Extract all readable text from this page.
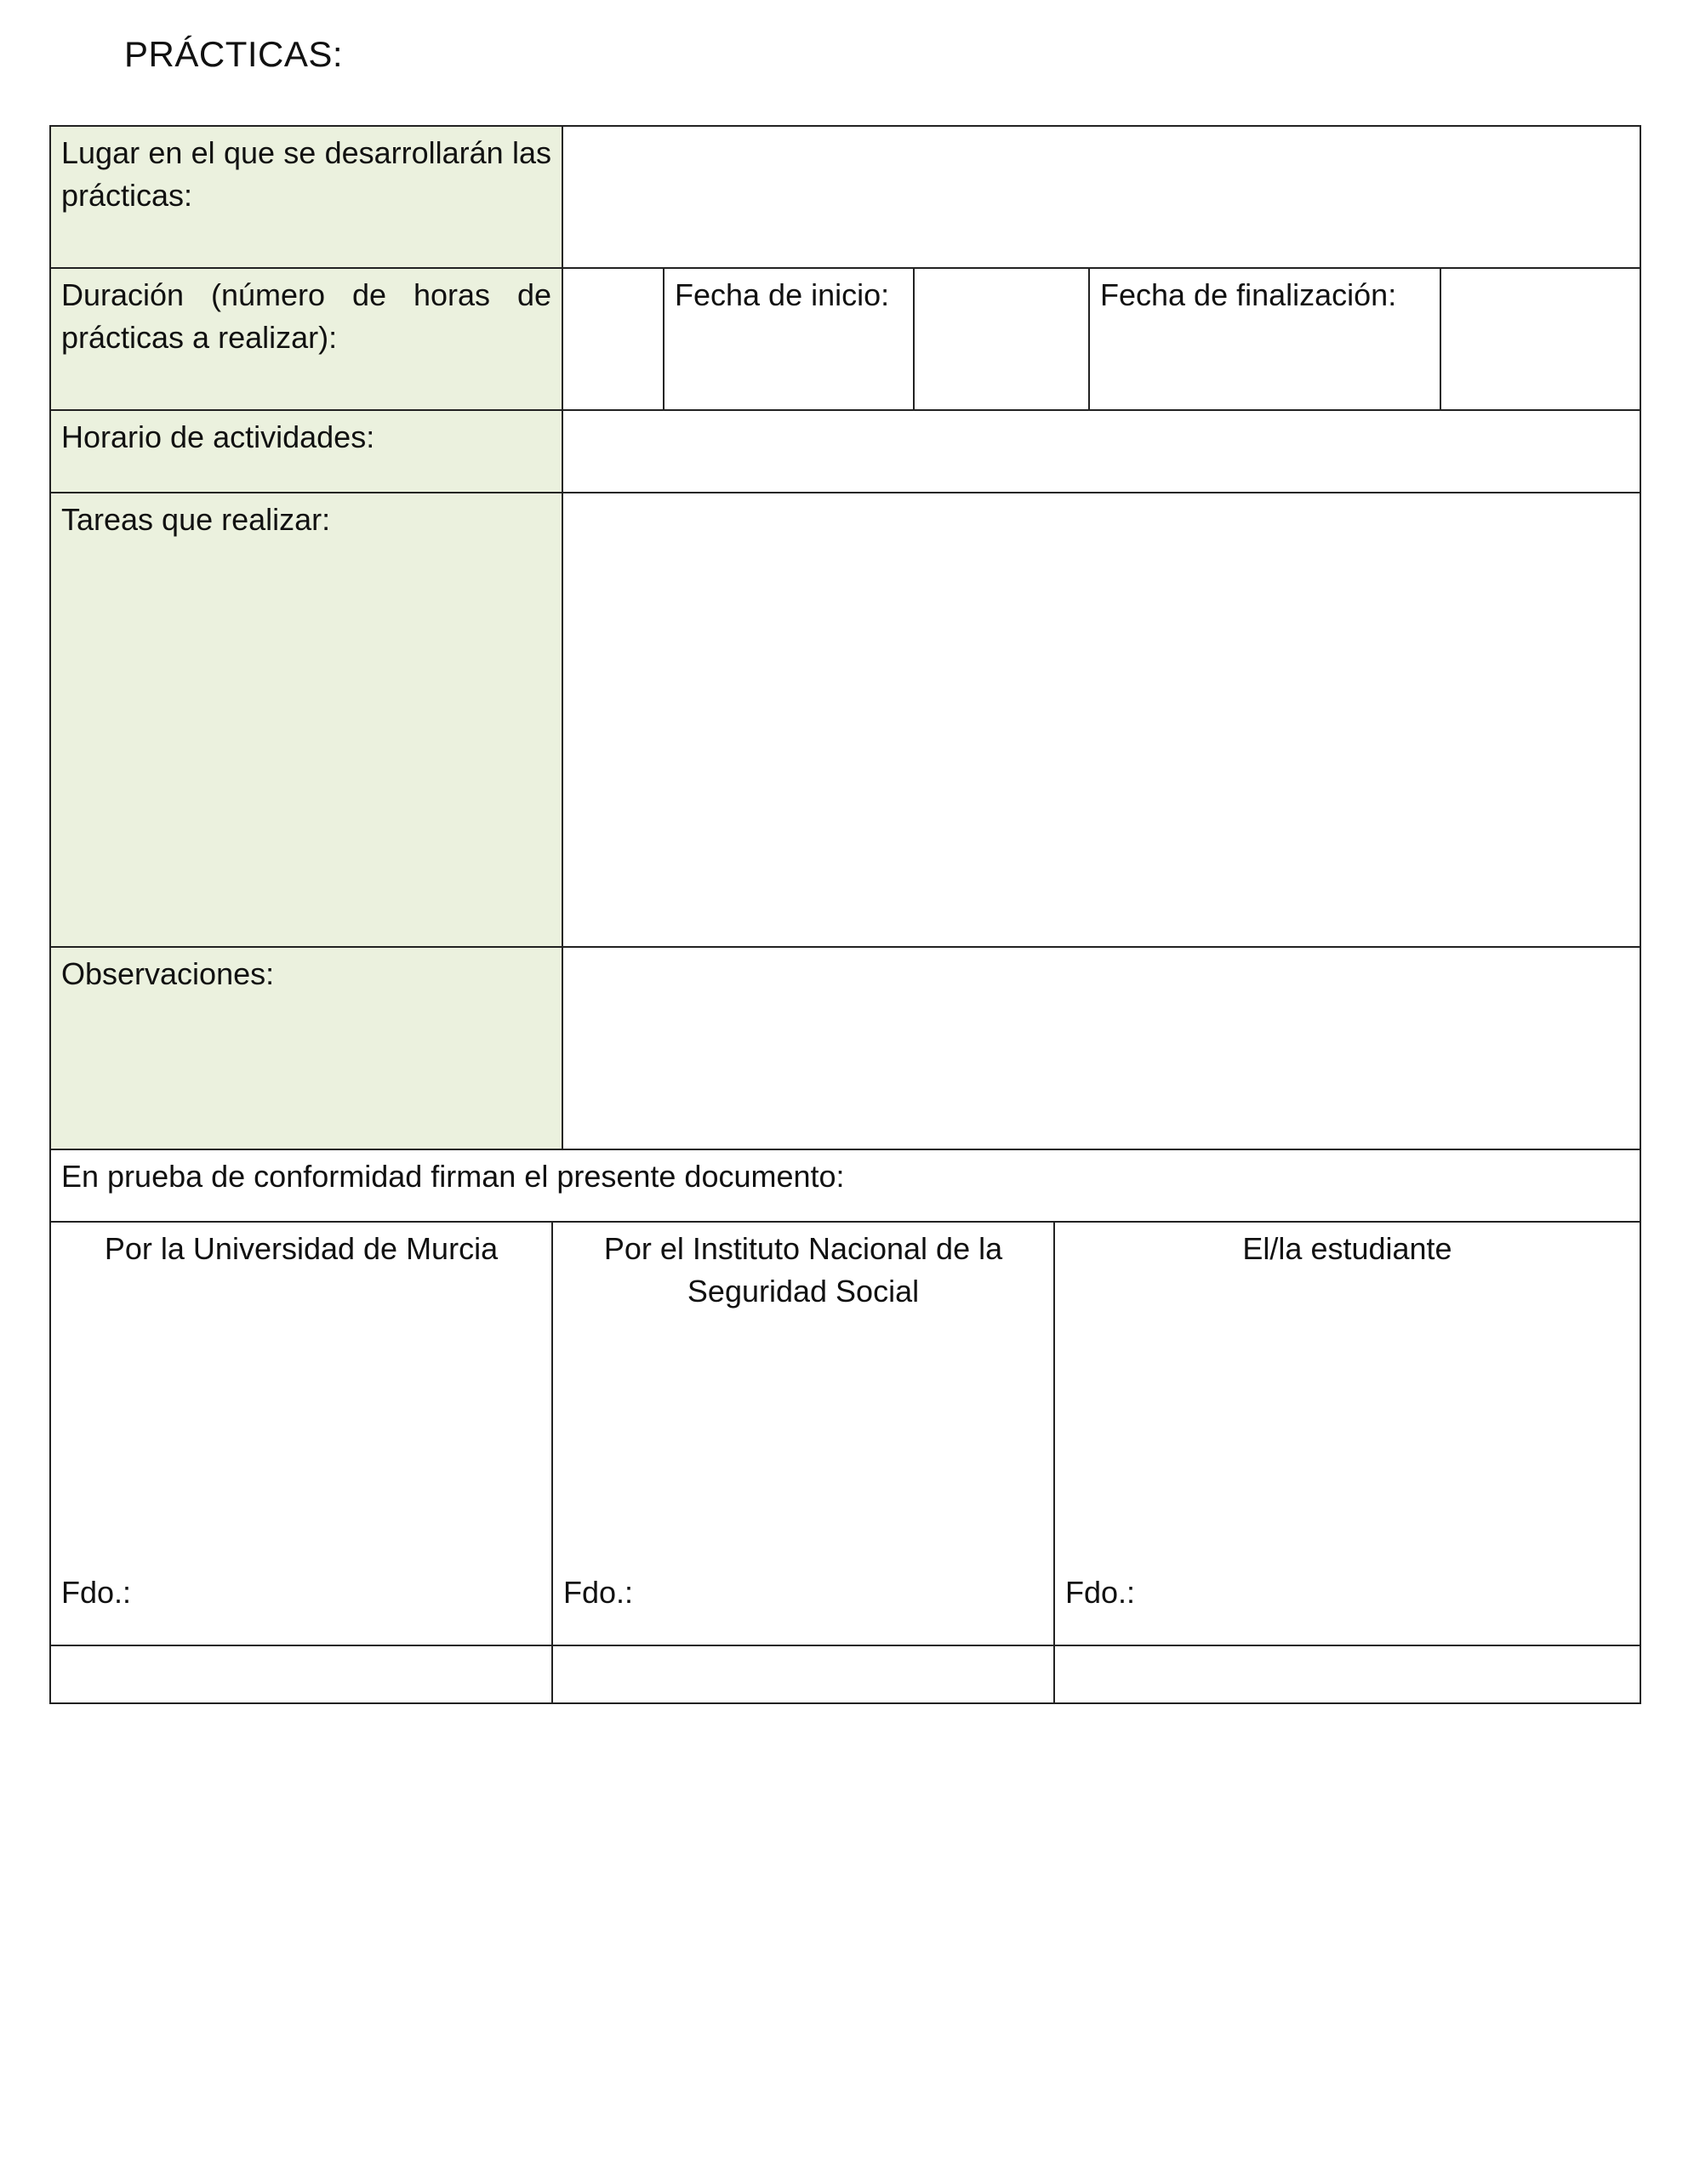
PRÁCTICAS:
Lugar en el que se desarrollarán las prácticas:
Duración (número de horas de prácticas a realizar):
Fecha de inicio:	Fecha de finalización:
Horario de actividades:
Tareas que realizar:
Observaciones:
En prueba de conformidad firman el presente documento:
Por la Universidad de Murcia
Fdo.:
Por el Instituto Nacional de la Seguridad Social
Fdo.:
El/la estudiante
Fdo.:
